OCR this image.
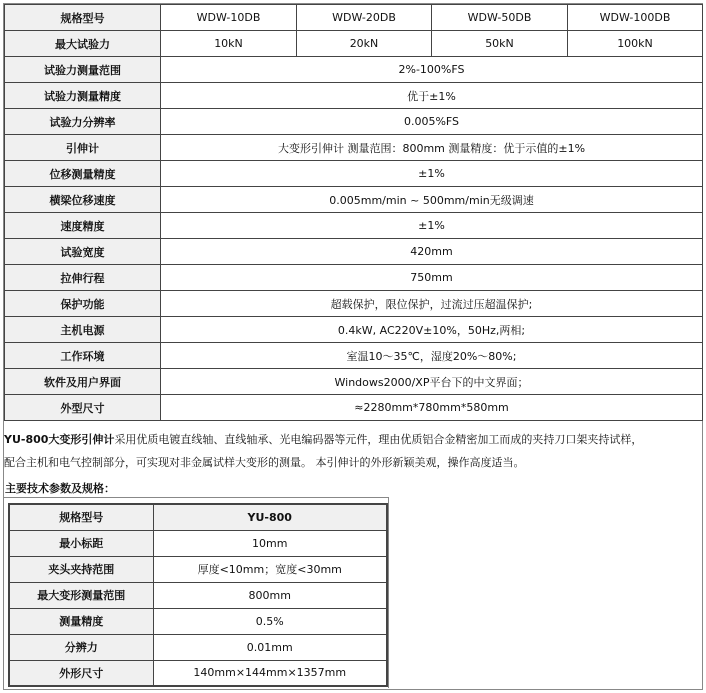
规格型号	WDW-10DB	WDW-20DB	WDW-50DB	WDW-100DB
最大试验力	10kN	20kN	50kN	100kN
试验力测量范围	2%-100%FS			
试验力测量精度	优于±1%			
试验力分辨率	0.005%FS			
引伸计	大变形引伸计 测量范围：800mm 测量精度：优于示值的±1%			
位移测量精度	±1%			
横梁位移速度	0.005mm/min ~ 500mm/min无级调速			
速度精度	±1%			
试验宽度	420mm			
拉伸行程	750mm			
保护功能	超载保护，限位保护，过流过压超温保护;			
主机电源	0.4kW, AC220V±10%，50Hz,两相;			
工作环境	室温10～35℃，湿度20%～80%;			
软件及用户界面	Windows2000/XP平台下的中文界面；			
外型尺寸	≈2280mm*780mm*580mm			
YU-800大变形引伸计采用优质电镀直线轴、直线轴承、光电编码器等元件，理由优质铝合金精密加工而成的夹持刀口架夹持试样，
配合主机和电气控制部分，可实现对非金属试样大变形的测量。 本引伸计的外形新颖美观，操作高度适当。
主要技术参数及规格：
规格型号	YU-800
最小标距	10mm
夹头夹持范围	厚度<10mm；宽度<30mm
最大变形测量范围	800mm
测量精度	0.5%
分辨力	0.01mm
外形尺寸	140mm×144mm×1357mm
